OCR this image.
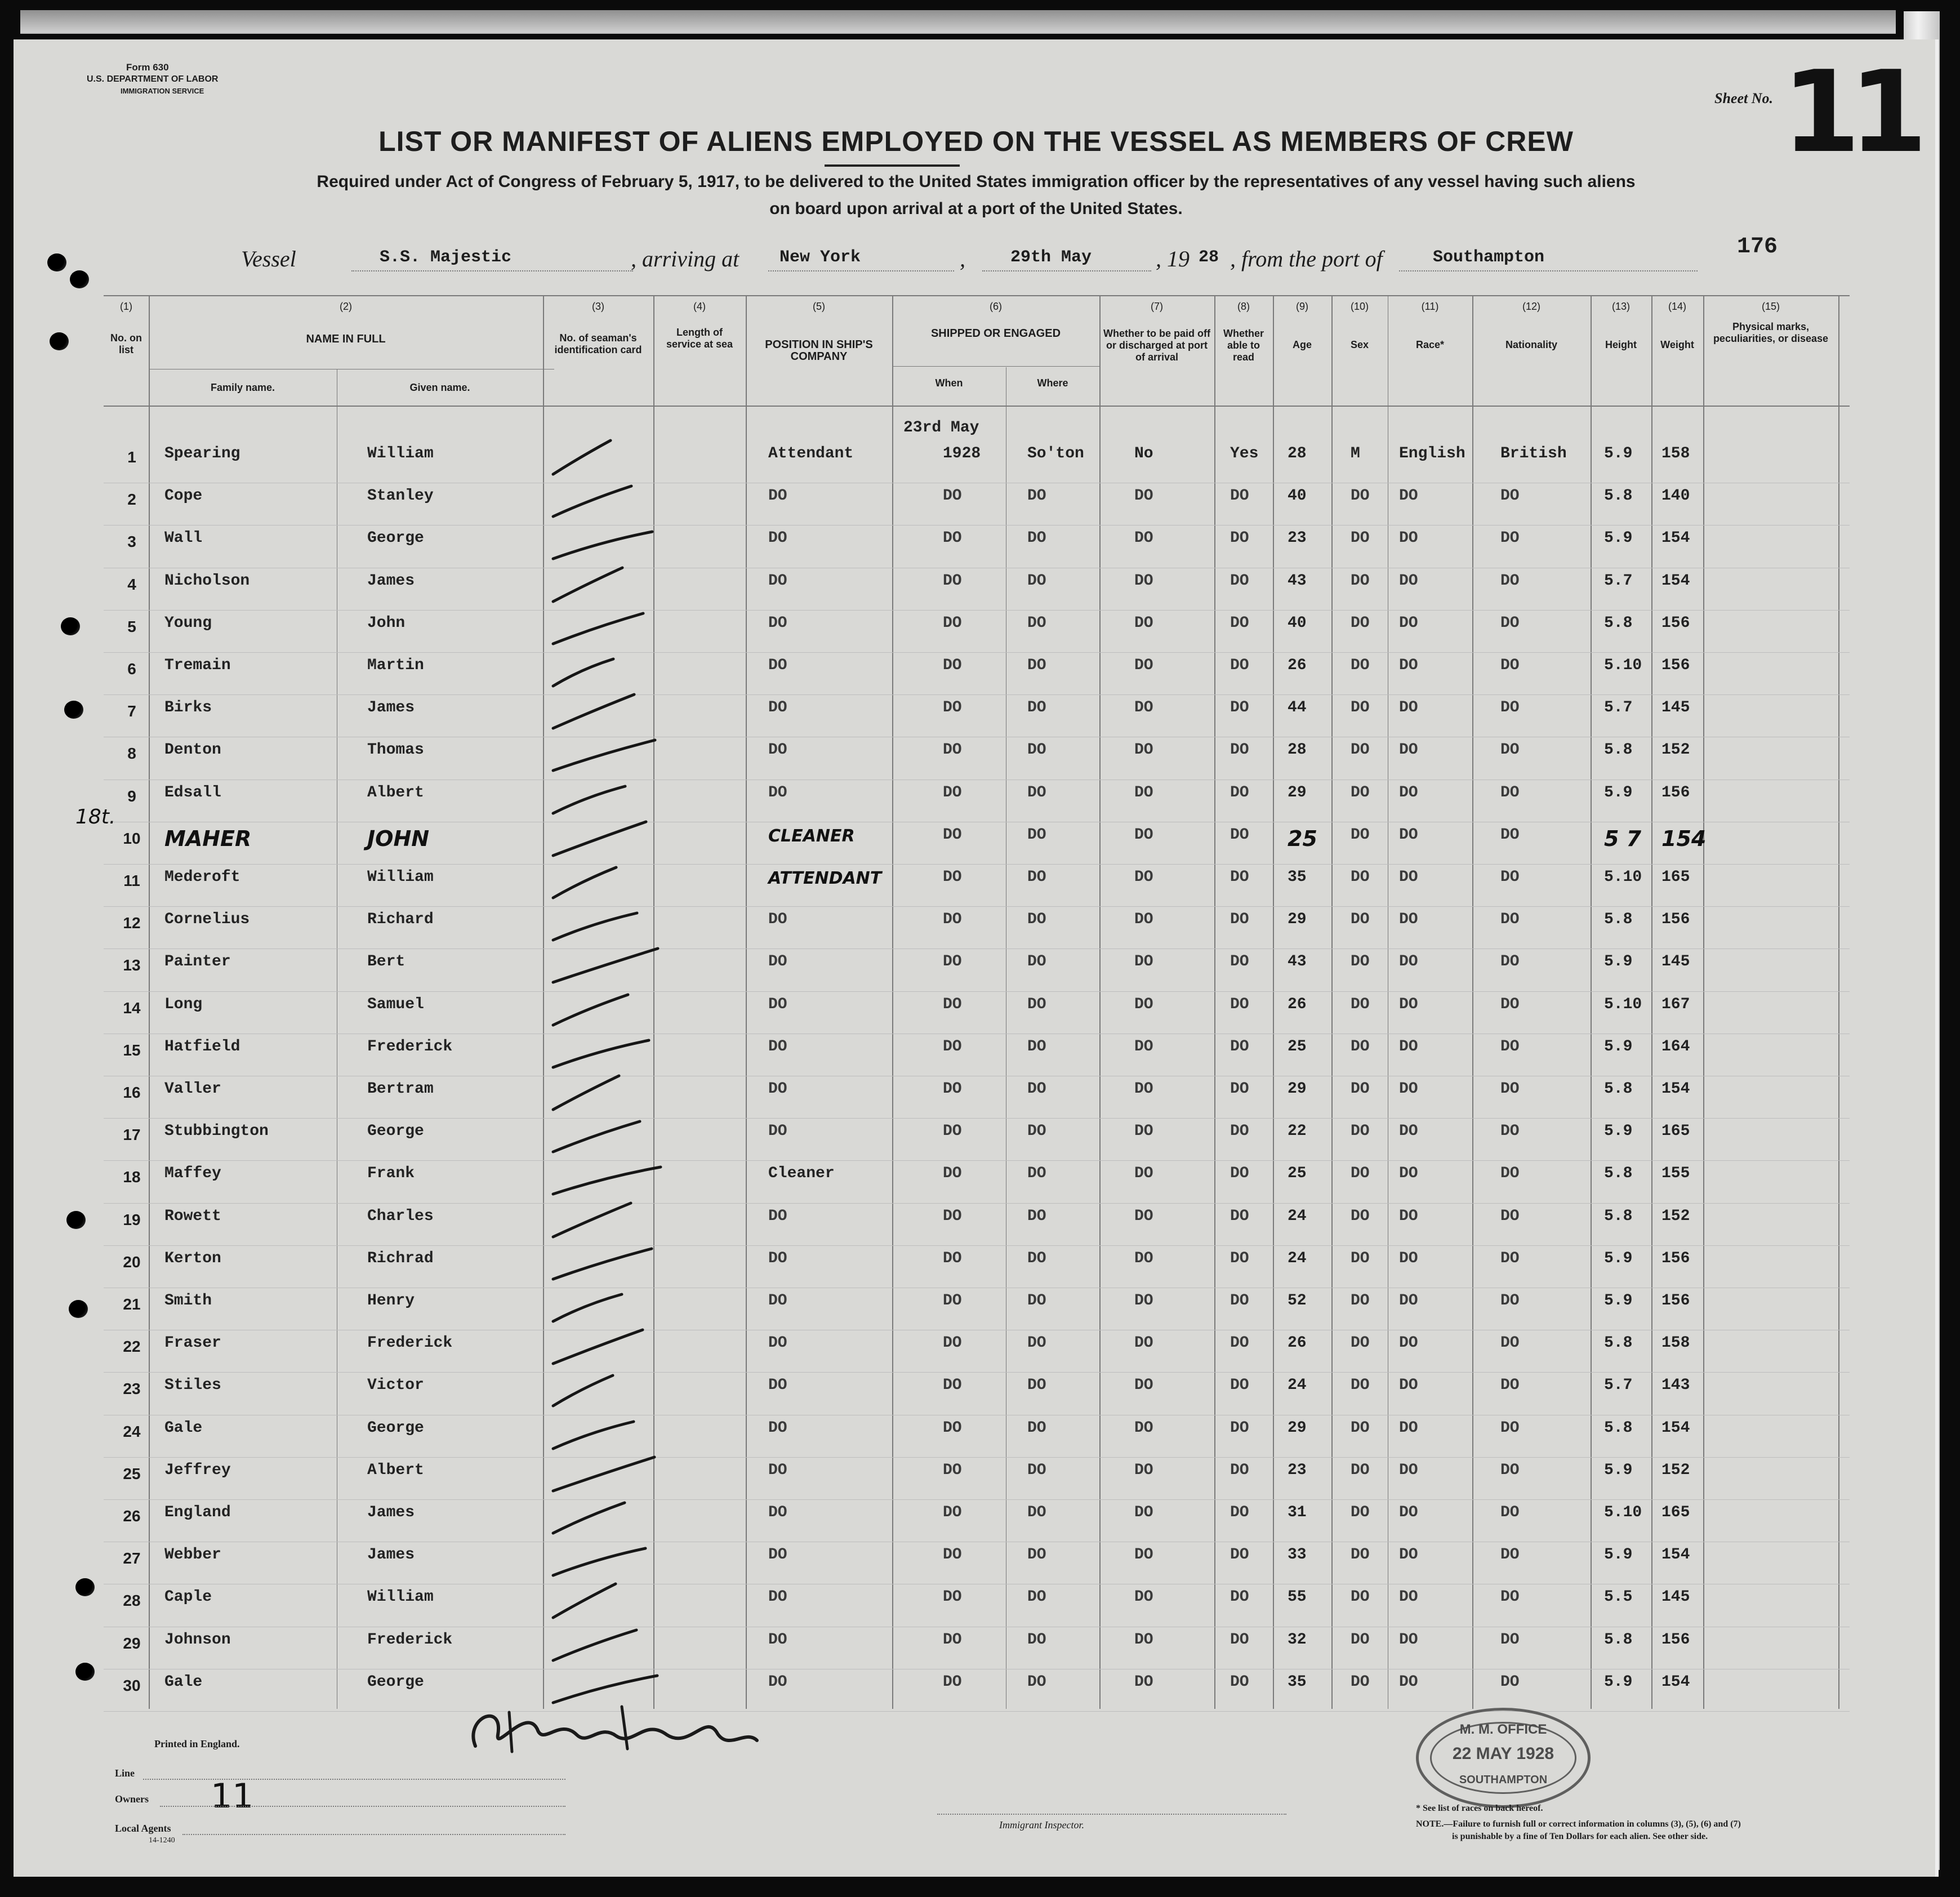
Form 630
U.S. DEPARTMENT OF LABOR
IMMIGRATION SERVICE	Sheet No. 11
LIST OR MANIFEST OF ALIENS EMPLOYED ON THE VESSEL AS MEMBERS OF CREW
Required under Act of Congress of February 5, 1917, to be delivered to the United States immigration officer by the representatives of any vessel having such aliens
on board upon arrival at a port of the United States.
Vessel	S.S. Majestic	, arriving at New York	,	29th May	, 19 28 , from the port of	Southampton	176
(1)	(2)	(3)	(4)	(5)	(6)	(7)	(8)	(9)	(10)	(11)	(12)	(13)	(14)	(15)
No. on list
NAME IN FULL
Family name.	Given name.
No. of seaman's identification card
Length of service at sea	POSITION IN SHIP'S COMPANY
SHIPPED OR ENGAGED
When	Where
Whether to be paid off or discharged at port of arrival
Whether able to read
Age	Sex	Race*	Nationality	Height	Weight
Physical marks, peculiarities, or disease
1	Spearing	William	Attendant	1928	So'ton	No	Yes 28	M English British 5.9 158
23rd May
2	Cope	Stanley	DO	DO	DO	DO	DO 40	DO DO	DO	5.8 140
3	Wall	George	DO	DO	DO	DO	DO 23	DO DO	DO	5.9 154
4	Nicholson	James	DO	DO	DO	DO	DO 43	DO DO	DO	5.7 154
5	Young	John	DO	DO	DO	DO	DO 40	DO DO	DO	5.8 156
6	Tremain	Martin	DO	DO	DO	DO	DO 26	DO DO	DO	5.10 156
7	Birks	James	DO	DO	DO	DO	DO 44	DO DO	DO	5.7 145
8	Denton	Thomas	DO	DO	DO	DO	DO 28	DO DO	DO	5.8 152
9	Edsall	Albert	DO	DO	DO	DO	DO 29	DO DO	DO	5.9 156
10	MAHER	JOHN	CLEANER	DO	DO	DO	DO 25 DO DO	DO	5 7 154
11	Mederoft	William	ATTENDANT	DO	DO	DO	DO 35	DO DO	DO	5.10 165
12	Cornelius	Richard	DO	DO	DO	DO	DO 29	DO DO	DO	5.8 156
13	Painter	Bert	DO	DO	DO	DO	DO 43	DO DO	DO	5.9 145
14	Long	Samuel	DO	DO	DO	DO	DO 26	DO DO	DO	5.10 167
15	Hatfield	Frederick	DO	DO	DO	DO	DO 25	DO DO	DO	5.9 164
16	Valler	Bertram	DO	DO	DO	DO	DO 29	DO DO	DO	5.8 154
17	Stubbington	George	DO	DO	DO	DO	DO 22	DO DO	DO	5.9 165
18	Maffey	Frank	Cleaner	DO	DO	DO	DO 25	DO DO	DO	5.8 155
19	Rowett	Charles	DO	DO	DO	DO	DO 24	DO DO	DO	5.8 152
20	Kerton	Richrad	DO	DO	DO	DO	DO 24	DO DO	DO	5.9 156
21	Smith	Henry	DO	DO	DO	DO	DO 52	DO DO	DO	5.9 156
22	Fraser	Frederick	DO	DO	DO	DO	DO 26	DO DO	DO	5.8 158
23	Stiles	Victor	DO	DO	DO	DO	DO 24	DO DO	DO	5.7 143
24	Gale	George	DO	DO	DO	DO	DO 29	DO DO	DO	5.8 154
25	Jeffrey	Albert	DO	DO	DO	DO	DO 23	DO DO	DO	5.9 152
26	England	James	DO	DO	DO	DO	DO 31	DO DO	DO	5.10 165
27	Webber	James	DO	DO	DO	DO	DO 33	DO DO	DO	5.9 154
28	Caple	William	DO	DO	DO	DO	DO 55	DO DO	DO	5.5 145
29	Johnson	Frederick	DO	DO	DO	DO	DO 32	DO DO	DO	5.8 156
30	Gale	George	DO	DO	DO	DO	DO 35	DO DO	DO	5.9 154
18t.
M. M. OFFICE
22 MAY 1928
SOUTHAMPTON
Printed in England.
Line
Owners 11
Local Agents
14-1240
Immigrant Inspector.
* See list of races on back hereof.
NOTE.—Failure to furnish full or correct information in columns (3), (5), (6) and (7)
is punishable by a fine of Ten Dollars for each alien. See other side.
